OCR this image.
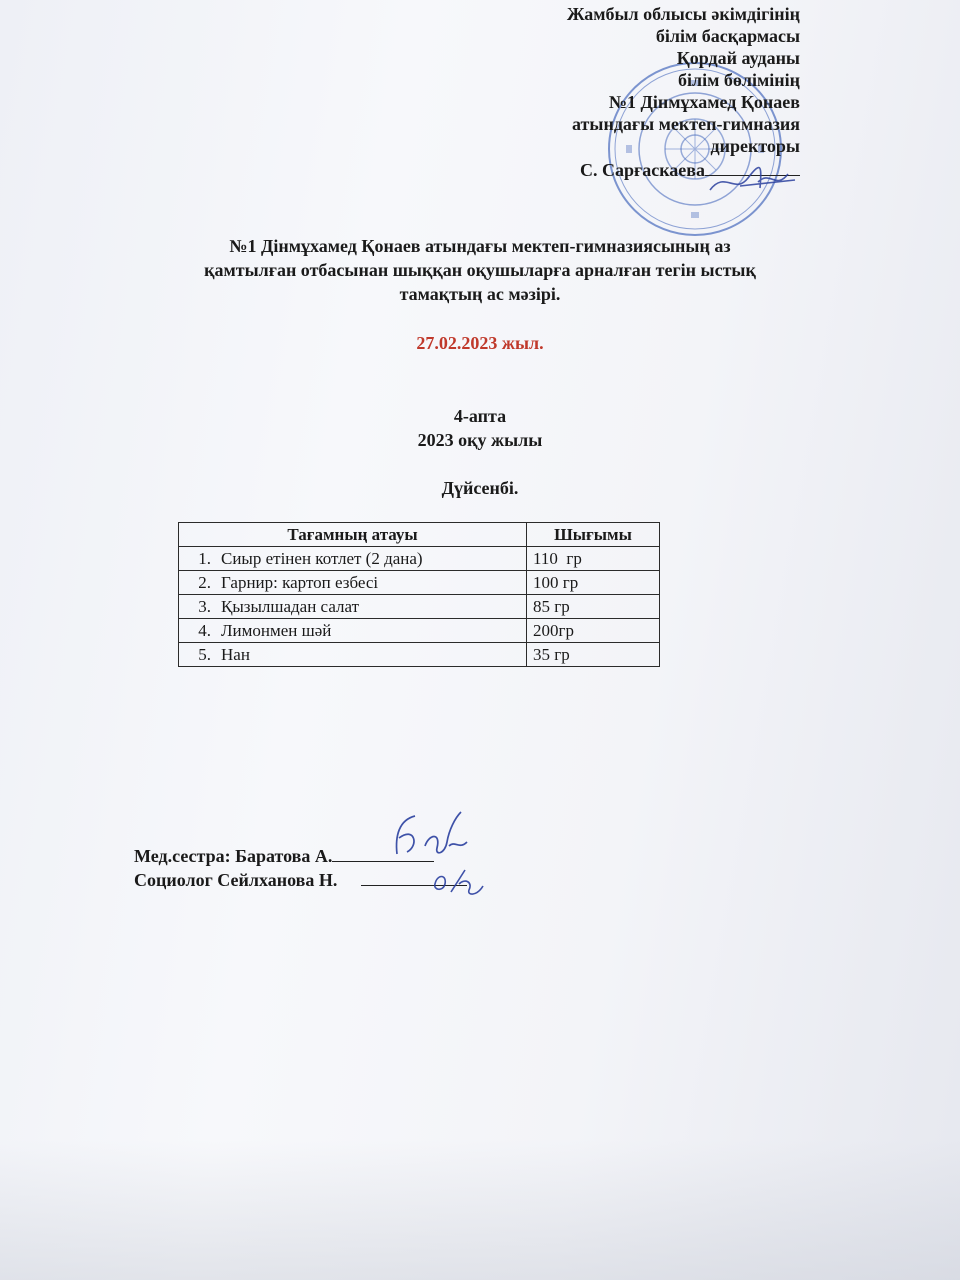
Жамбыл облысы әкімдігінің
білім басқармасы
Қордай ауданы
білім бөлімінің
№1 Дінмұхамед Қонаев
атындағы мектеп-гимназия
директоры
С. Сарғаскаева
№1 Дінмұхамед Қонаев атындағы мектеп-гимназиясының аз
қамтылған отбасынан шыққан оқушыларға арналған тегін ыстық
тамақтың ас мәзірі.
27.02.2023 жыл.
4-апта
2023 оқу жылы
Дүйсенбі.
Тағамның атауы	Шығымы
1. Сиыр етінен котлет (2 дана)	110  гр
2. Гарнир: картоп езбесі	100 гр
3. Қызылшадан салат	85 гр
4. Лимонмен шәй	200гр
5. Нан	35 гр
Мед.сестра: Баратова А.
Социолог Сейлханова Н.
